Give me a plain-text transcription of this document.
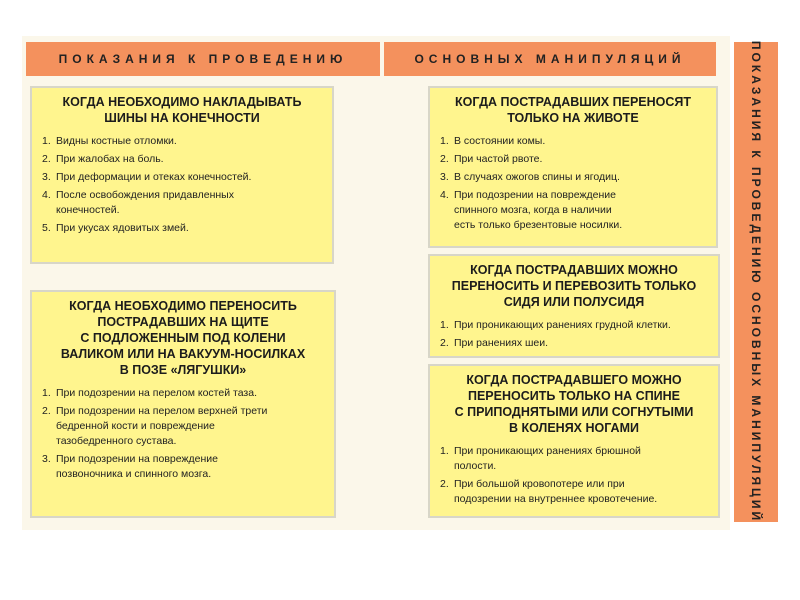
ПОКАЗАНИЯ К ПРОВЕДЕНИЮ	ОСНОВНЫХ МАНИПУЛЯЦИЙ	ПОКАЗАНИЯ К ПРОВЕДЕНИЮ ОСНОВНЫХ МАНИПУЛЯЦИЙ
КОГДА НЕОБХОДИМО НАКЛАДЫВАТЬ
ШИНЫ НА КОНЕЧНОСТИ
1. Видны костные отломки.
2. При жалобах на боль.
3. При деформации и отеках конечностей.
4. После освобождения придавленных
конечностей.
5. При укусах ядовитых змей.
КОГДА НЕОБХОДИМО ПЕРЕНОСИТЬ
ПОСТРАДАВШИХ НА ЩИТЕ
С ПОДЛОЖЕННЫМ ПОД КОЛЕНИ
ВАЛИКОМ ИЛИ НА ВАКУУМ-НОСИЛКАХ
В ПОЗЕ «ЛЯГУШКИ»
1. При подозрении на перелом костей таза.
2. При подозрении на перелом верхней трети
бедренной кости и повреждение
тазобедренного сустава.
3. При подозрении на повреждение
позвоночника и спинного мозга.
КОГДА ПОСТРАДАВШИХ ПЕРЕНОСЯТ
ТОЛЬКО НА ЖИВОТЕ
1. В состоянии комы.
2. При частой рвоте.
3. В случаях ожогов спины и ягодиц.
4. При подозрении на повреждение
спинного мозга, когда в наличии
есть только брезентовые носилки.
КОГДА ПОСТРАДАВШИХ МОЖНО
ПЕРЕНОСИТЬ И ПЕРЕВОЗИТЬ ТОЛЬКО
СИДЯ ИЛИ ПОЛУСИДЯ
1. При проникающих ранениях грудной клетки.
2. При ранениях шеи.
КОГДА ПОСТРАДАВШЕГО МОЖНО
ПЕРЕНОСИТЬ ТОЛЬКО НА СПИНЕ
С ПРИПОДНЯТЫМИ ИЛИ СОГНУТЫМИ
В КОЛЕНЯХ НОГАМИ
1. При проникающих ранениях брюшной
полости.
2. При большой кровопотере или при
подозрении на внутреннее кровотечение.
